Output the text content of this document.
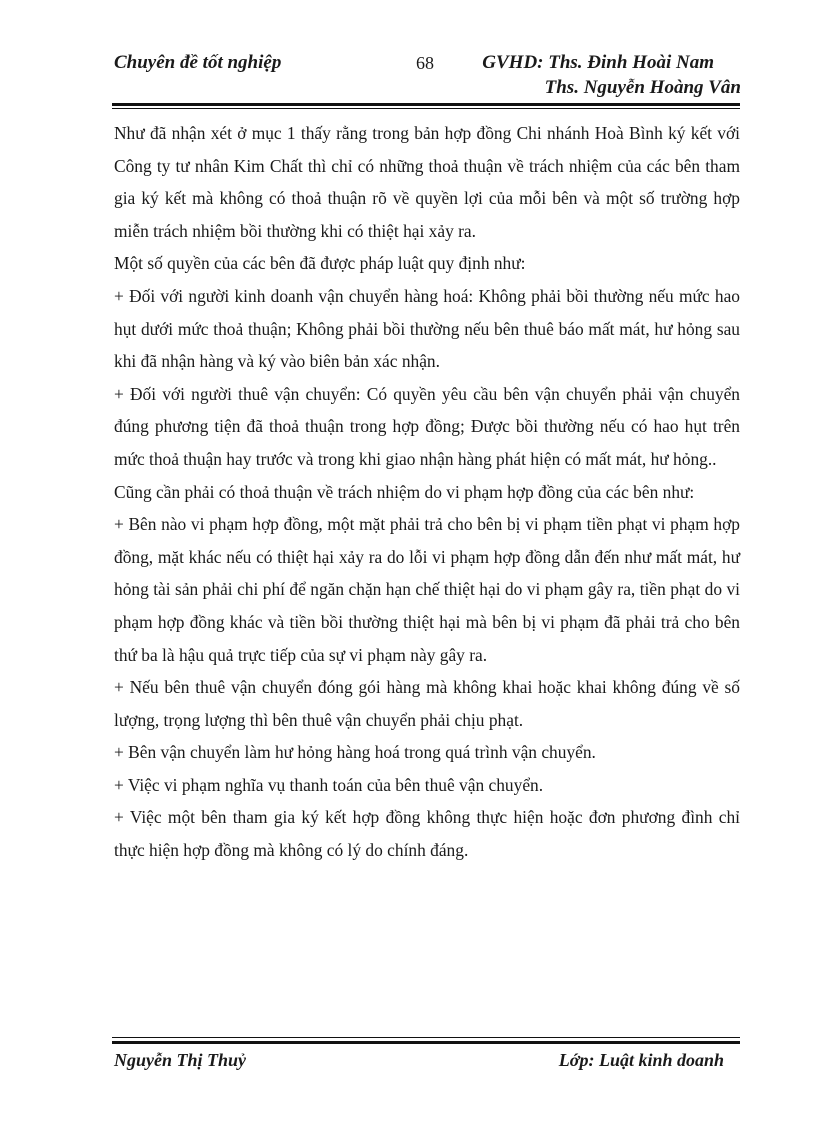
Chuyên đề tốt nghiệp	68	GVHD: Ths. Đinh Hoài Nam
Ths. Nguyễn Hoàng Vân

Như đã nhận xét ở mục 1 thấy rằng trong bản hợp đồng Chi nhánh Hoà Bình ký kết với Công ty tư nhân Kim Chất thì chỉ có những thoả thuận về trách nhiệm của các bên tham gia ký kết mà không có thoả thuận rõ về quyền lợi của mỗi bên và một số trường hợp miễn trách nhiệm bồi thường khi có thiệt hại xảy ra.

Một số quyền của các bên đã được pháp luật quy định như:

+ Đối với người kinh doanh vận chuyển hàng hoá: Không phải bồi thường nếu mức hao hụt dưới mức thoả thuận; Không phải bồi thường nếu bên thuê báo mất mát, hư hỏng sau khi đã nhận hàng và ký vào biên bản xác nhận.

+ Đối với người thuê vận chuyển: Có quyền yêu cầu bên vận chuyển phải vận chuyển đúng phương tiện đã thoả thuận trong hợp đồng; Được bồi thường nếu có hao hụt trên mức thoả thuận hay trước và trong khi giao nhận hàng phát hiện có mất mát, hư hỏng..

Cũng cần phải có thoả thuận về trách nhiệm do vi phạm hợp đồng của các bên như:

+ Bên nào vi phạm hợp đồng, một mặt phải trả cho bên bị vi phạm tiền phạt vi phạm hợp đồng, mặt khác nếu có thiệt hại xảy ra do lỗi vi phạm hợp đồng dẫn đến như mất mát, hư hỏng tài sản phải chi phí để ngăn chặn hạn chế thiệt hại do vi phạm gây ra, tiền phạt do vi phạm hợp đồng khác và tiền bồi thường thiệt hại mà bên bị vi phạm đã phải trả cho bên thứ ba là hậu quả trực tiếp của sự vi phạm này gây ra.

+ Nếu bên thuê vận chuyển đóng gói hàng mà không khai hoặc khai không đúng về số lượng, trọng lượng thì bên thuê vận chuyển phải chịu phạt.

+ Bên vận chuyển làm hư hỏng hàng hoá trong quá trình vận chuyển.

+ Việc vi phạm nghĩa vụ thanh toán của bên thuê vận chuyển.

+ Việc một bên tham gia ký kết hợp đồng không thực hiện hoặc đơn phương đình chỉ thực hiện hợp đồng mà không có lý do chính đáng.

Nguyễn Thị Thuỷ	Lớp: Luật kinh doanh
